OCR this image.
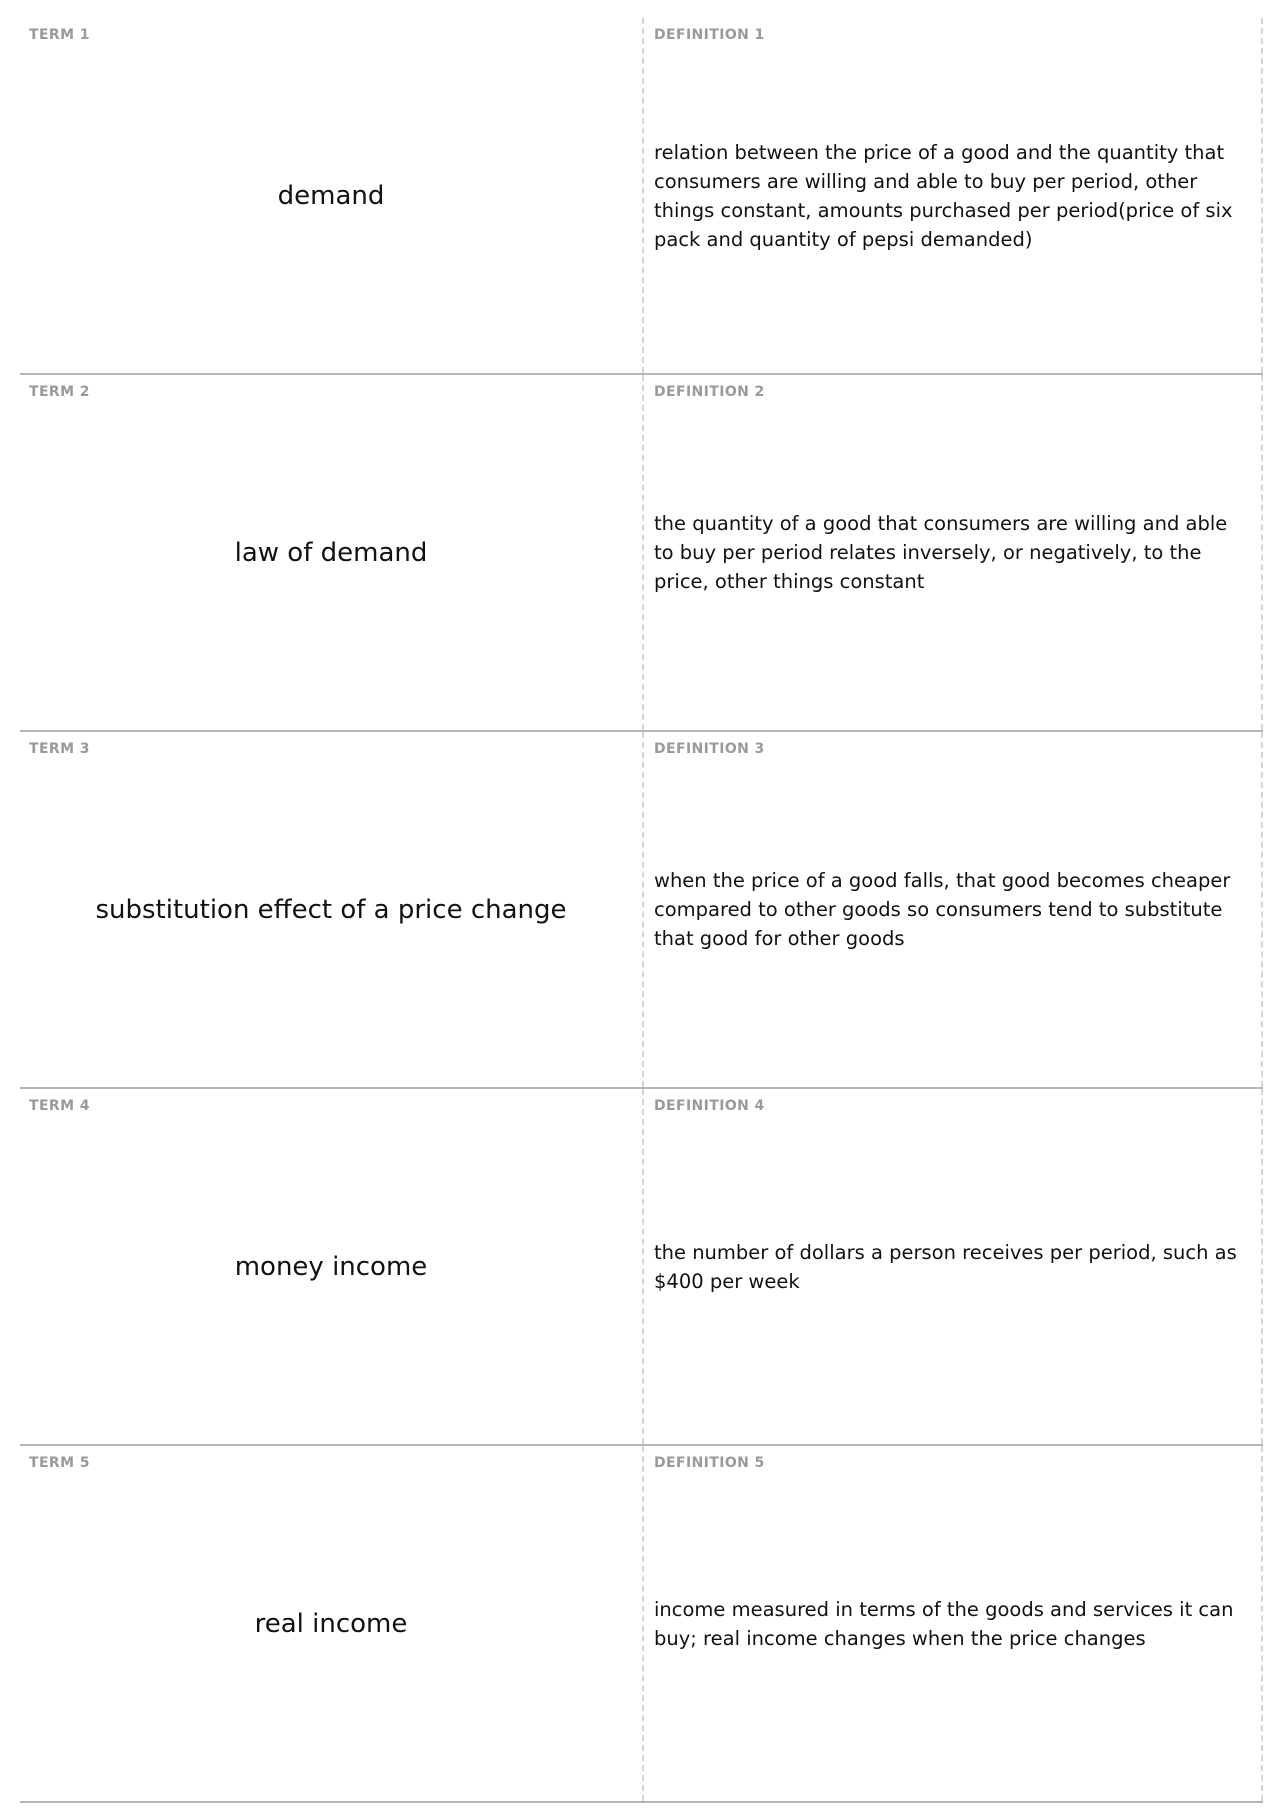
TERM 1
demand
DEFINITION 1
relation between the price of a good and the quantity that consumers are willing and able to buy per period, other things constant, amounts purchased per period(price of six pack and quantity of pepsi demanded)
TERM 2
law of demand
DEFINITION 2
the quantity of a good that consumers are willing and able to buy per period relates inversely, or negatively, to the price, other things constant
TERM 3
substitution effect of a price change
DEFINITION 3
when the price of a good falls, that good becomes cheaper compared to other goods so consumers tend to substitute that good for other goods
TERM 4
money income
DEFINITION 4
the number of dollars a person receives per period, such as $400 per week
TERM 5
real income
DEFINITION 5
income measured in terms of the goods and services it can buy; real income changes when the price changes
